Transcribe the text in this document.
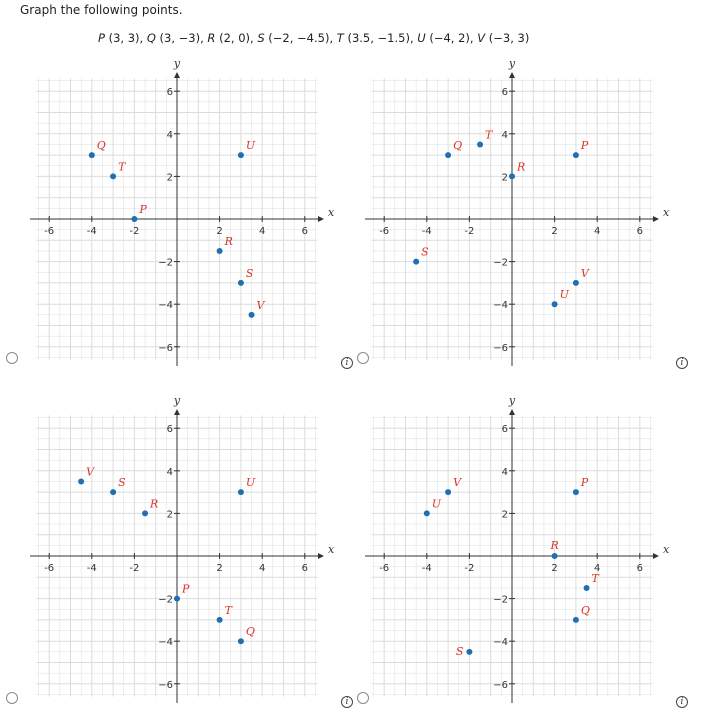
Graph the following points.
P (3, 3), Q (3, −3), R (2, 0), S (−2, −4.5), T (3.5, −1.5), U (−4, 2), V (−3, 3)
x
y
-6	-4	-2	2	4	6
6
4
2
−2
−4
−6
Q
T
P
R
U
S
V
x
y
-6	-4	-2	2	4	6
6
4
2
−2
−4
−6
Q
T
R
P
S
V
U
x
y
-6	-4	-2	2	4	6
6
4
2
−2
−4
−6
V
S
R
U
P
T
Q
x
y
-6	-4	-2	2	4	6
6
4
2
−2
−4
−6
U
V	P
R
T
Q
S
i	i
i	i
